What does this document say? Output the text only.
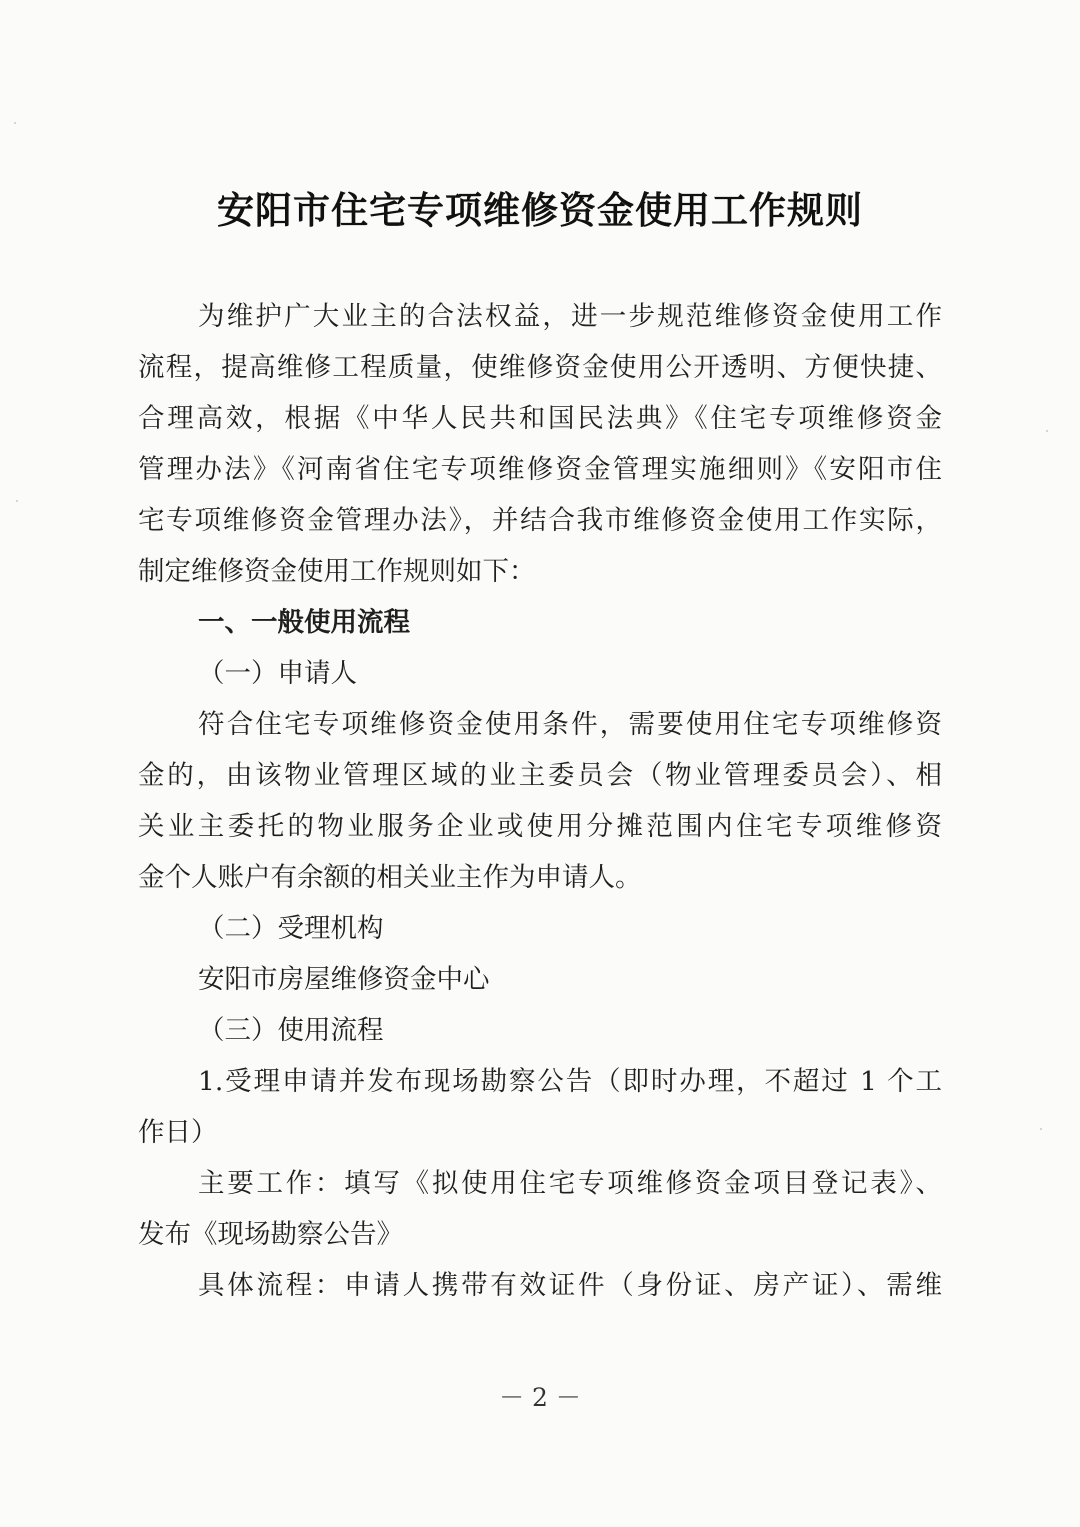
安阳市住宅专项维修资金使用工作规则
为维护广大业主的合法权益，进一步规范维修资金使用工作
流程，提高维修工程质量，使维修资金使用公开透明、方便快捷、
合理高效，根据《中华人民共和国民法典》《住宅专项维修资金
管理办法》《河南省住宅专项维修资金管理实施细则》《安阳市住
宅专项维修资金管理办法》，并结合我市维修资金使用工作实际，
制定维修资金使用工作规则如下：
一、一般使用流程
（一）申请人
符合住宅专项维修资金使用条件，需要使用住宅专项维修资
金的，由该物业管理区域的业主委员会（物业管理委员会）、相
关业主委托的物业服务企业或使用分摊范围内住宅专项维修资
金个人账户有余额的相关业主作为申请人。
（二）受理机构
安阳市房屋维修资金中心
（三）使用流程
1.受理申请并发布现场勘察公告（即时办理，不超过 1 个工
作日）
主要工作：填写《拟使用住宅专项维修资金项目登记表》、
发布《现场勘察公告》
具体流程：申请人携带有效证件（身份证、房产证）、需维
－ 2 －
